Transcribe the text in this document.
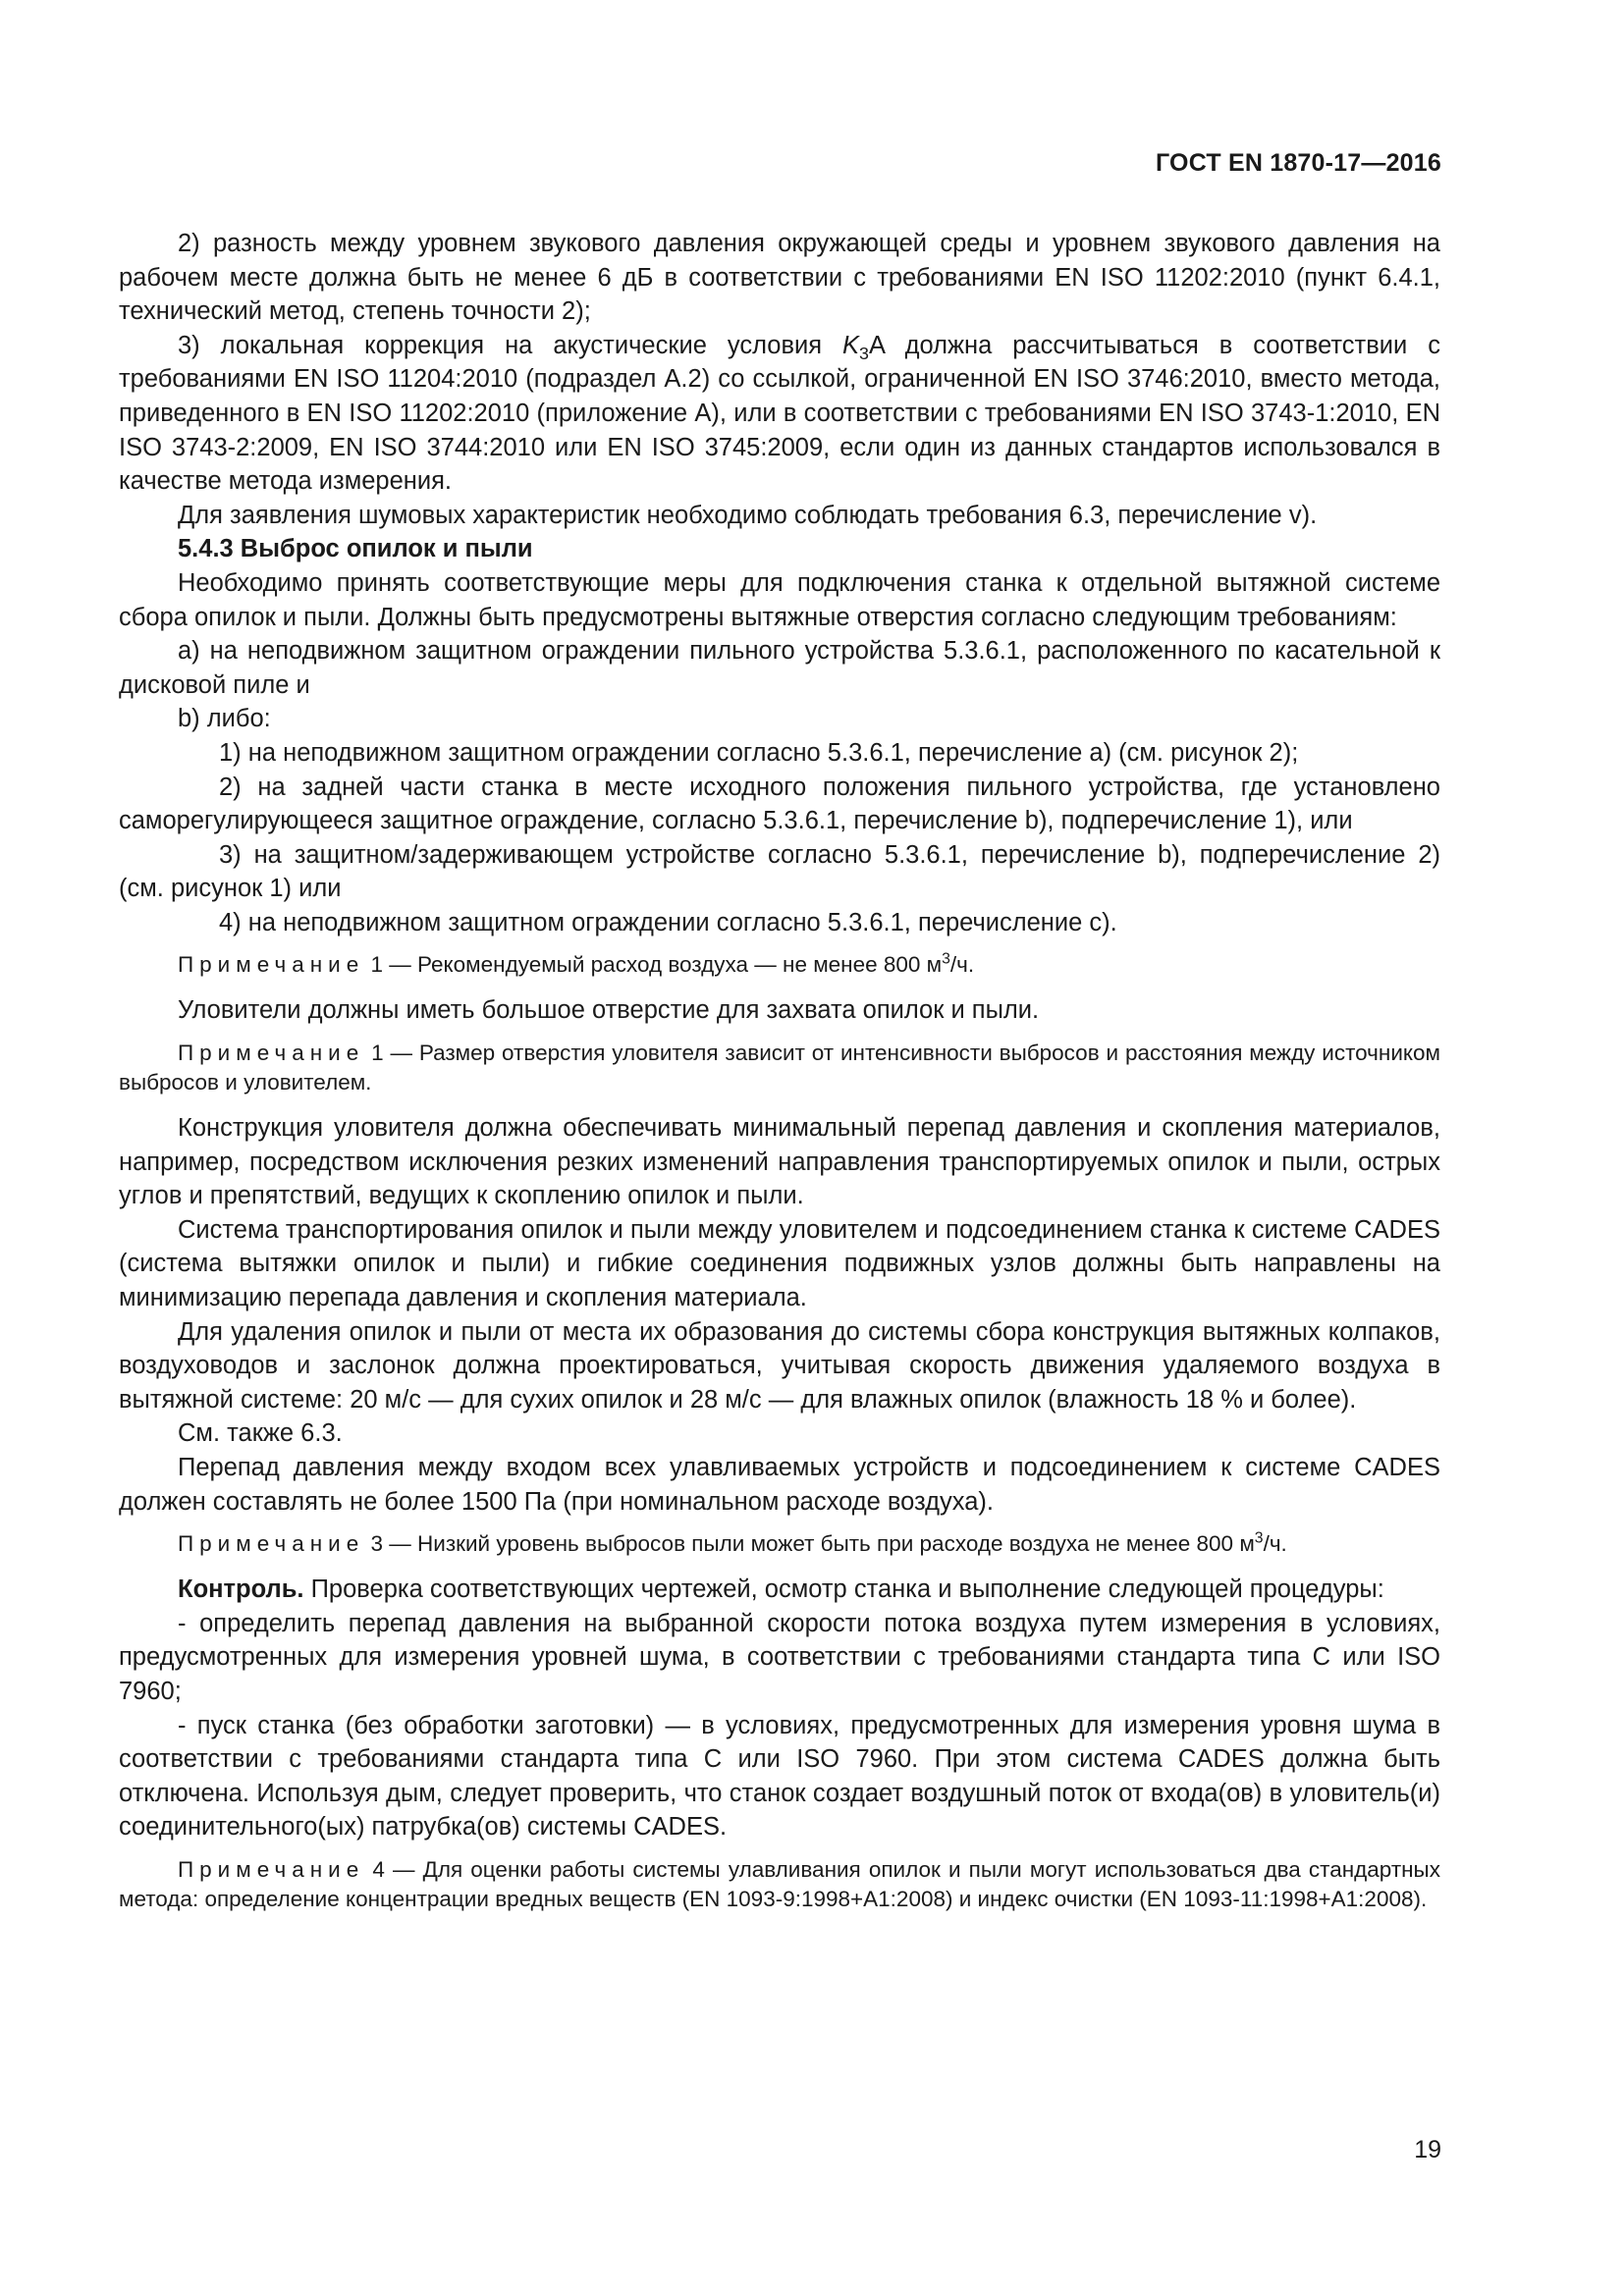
ГОСТ EN 1870-17—2016

2) разность между уровнем звукового давления окружающей среды и уровнем звукового давления на рабочем месте должна быть не менее 6 дБ в соответствии с требованиями EN ISO 11202:2010 (пункт 6.4.1, технический метод, степень точности 2);

3) локальная коррекция на акустические условия $K_3A$ должна рассчитываться в соответствии с требованиями EN ISO 11204:2010 (подраздел A.2) со ссылкой, ограниченной EN ISO 3746:2010, вместо метода, приведенного в EN ISO 11202:2010 (приложение А), или в соответствии с требованиями EN ISO 3743-1:2010, EN ISO 3743-2:2009, EN ISO 3744:2010 или EN ISO 3745:2009, если один из данных стандартов использовался в качестве метода измерения.

Для заявления шумовых характеристик необходимо соблюдать требования 6.3, перечисление v).

5.4.3 Выброс опилок и пыли

Необходимо принять соответствующие меры для подключения станка к отдельной вытяжной системе сбора опилок и пыли. Должны быть предусмотрены вытяжные отверстия согласно следующим требованиям:

a) на неподвижном защитном ограждении пильного устройства 5.3.6.1, расположенного по касательной к дисковой пиле и

b) либо:

1) на неподвижном защитном ограждении согласно 5.3.6.1, перечисление а) (см. рисунок 2);

2) на задней части станка в месте исходного положения пильного устройства, где установлено саморегулирующееся защитное ограждение, согласно 5.3.6.1, перечисление b), подперечисление 1), или

3) на защитном/задерживающем устройстве согласно 5.3.6.1, перечисление b), подперечисление 2) (см. рисунок 1) или

4) на неподвижном защитном ограждении согласно 5.3.6.1, перечисление с).

Примечание 1 — Рекомендуемый расход воздуха — не менее 800 $м^3/ч$.

Уловители должны иметь большое отверстие для захвата опилок и пыли.

Примечание 1 — Размер отверстия уловителя зависит от интенсивности выбросов и расстояния между источником выбросов и уловителем.

Конструкция уловителя должна обеспечивать минимальный перепад давления и скопления материалов, например, посредством исключения резких изменений направления транспортируемых опилок и пыли, острых углов и препятствий, ведущих к скоплению опилок и пыли.

Система транспортирования опилок и пыли между уловителем и подсоединением станка к системе CADES (система вытяжки опилок и пыли) и гибкие соединения подвижных узлов должны быть направлены на минимизацию перепада давления и скопления материала.

Для удаления опилок и пыли от места их образования до системы сбора конструкция вытяжных колпаков, воздуховодов и заслонок должна проектироваться, учитывая скорость движения удаляемого воздуха в вытяжной системе: 20 м/с — для сухих опилок и 28 м/с — для влажных опилок (влажность 18 % и более).

См. также 6.3.

Перепад давления между входом всех улавливаемых устройств и подсоединением к системе CADES должен составлять не более 1500 Па (при номинальном расходе воздуха).

Примечание 3 — Низкий уровень выбросов пыли может быть при расходе воздуха не менее 800 $м^3/ч$.

Контроль. Проверка соответствующих чертежей, осмотр станка и выполнение следующей процедуры:

- определить перепад давления на выбранной скорости потока воздуха путем измерения в условиях, предусмотренных для измерения уровней шума, в соответствии с требованиями стандарта типа С или ISO 7960;

- пуск станка (без обработки заготовки) — в условиях, предусмотренных для измерения уровня шума в соответствии с требованиями стандарта типа С или ISO 7960. При этом система CADES должна быть отключена. Используя дым, следует проверить, что станок создает воздушный поток от входа(ов) в уловитель(и) соединительного(ых) патрубка(ов) системы CADES.

Примечание 4 — Для оценки работы системы улавливания опилок и пыли могут использоваться два стандартных метода: определение концентрации вредных веществ (EN 1093-9:1998+A1:2008) и индекс очистки (EN 1093-11:1998+A1:2008).

19
